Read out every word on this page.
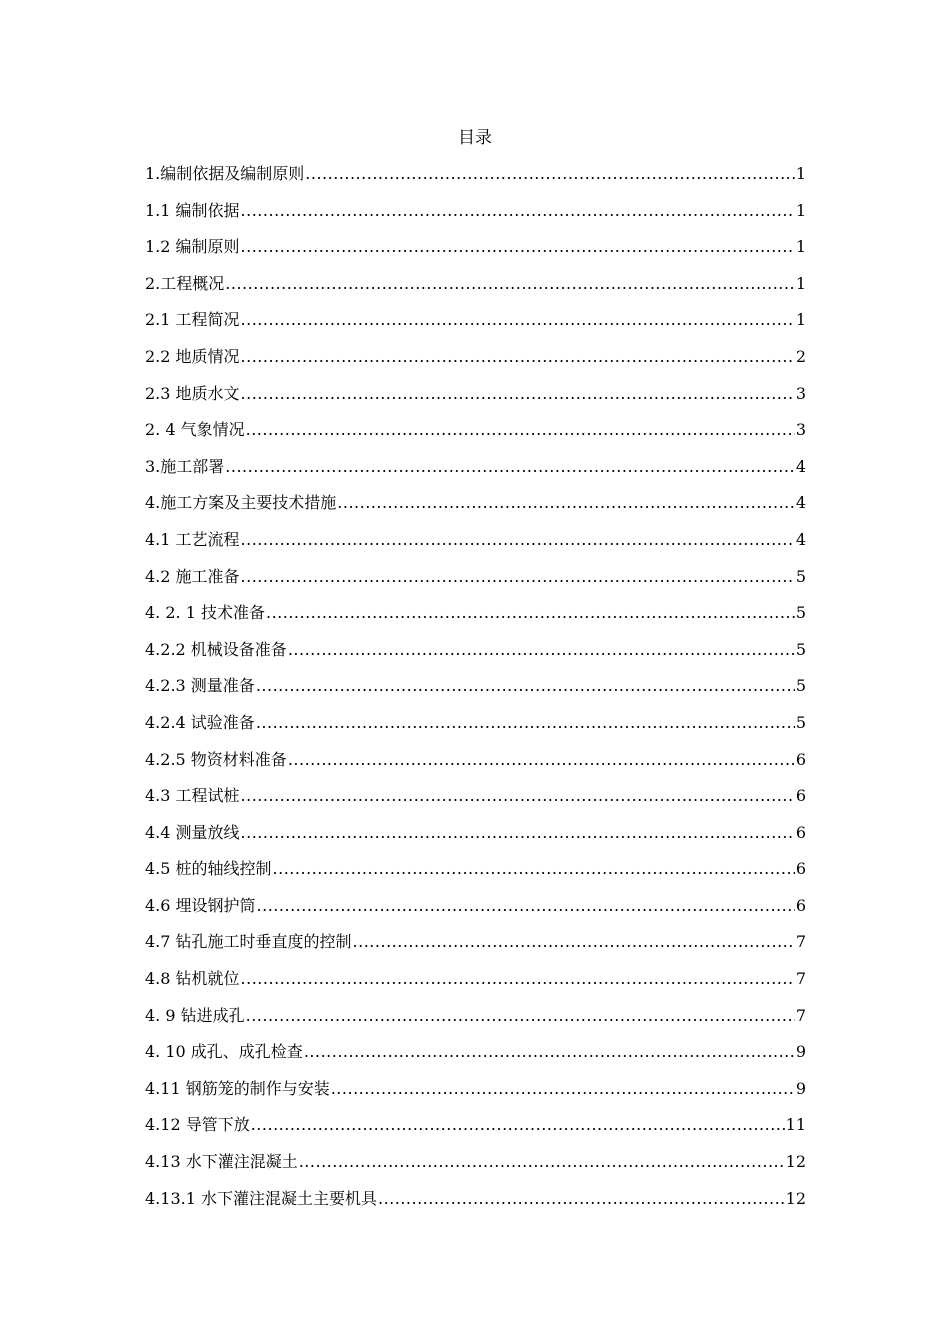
目录
1.编制依据及编制原则 .....	1
1.1 编制依据 .....	1
1.2 编制原则 .....	1
2.工程概况 .....	1
2.1 工程简况 .....	1
2.2 地质情况 .....	2
2.3 地质水文 .....	3
2. 4 气象情况 .....	3
3.施工部署 .....	4
4.施工方案及主要技术措施 .....	4
4.1 工艺流程 .....	4
4.2 施工准备 .....	5
4. 2. 1 技术准备 .....	5
4.2.2 机械设备准备 .....	5
4.2.3 测量准备 .....	5
4.2.4 试验准备 .....	5
4.2.5 物资材料准备 .....	6
4.3 工程试桩 .....	6
4.4 测量放线 .....	6
4.5 桩的轴线控制 .....	6
4.6 埋设钢护筒 .....	6
4.7 钻孔施工时垂直度的控制 .....	7
4.8 钻机就位 .....	7
4. 9 钻进成孔 .....	7
4. 10 成孔、成孔检查 .....	9
4.11 钢筋笼的制作与安装 .....	9
4.12 导管下放 .....	11
4.13 水下灌注混凝土 .....	12
4.13.1 水下灌注混凝土主要机具 .....	12
